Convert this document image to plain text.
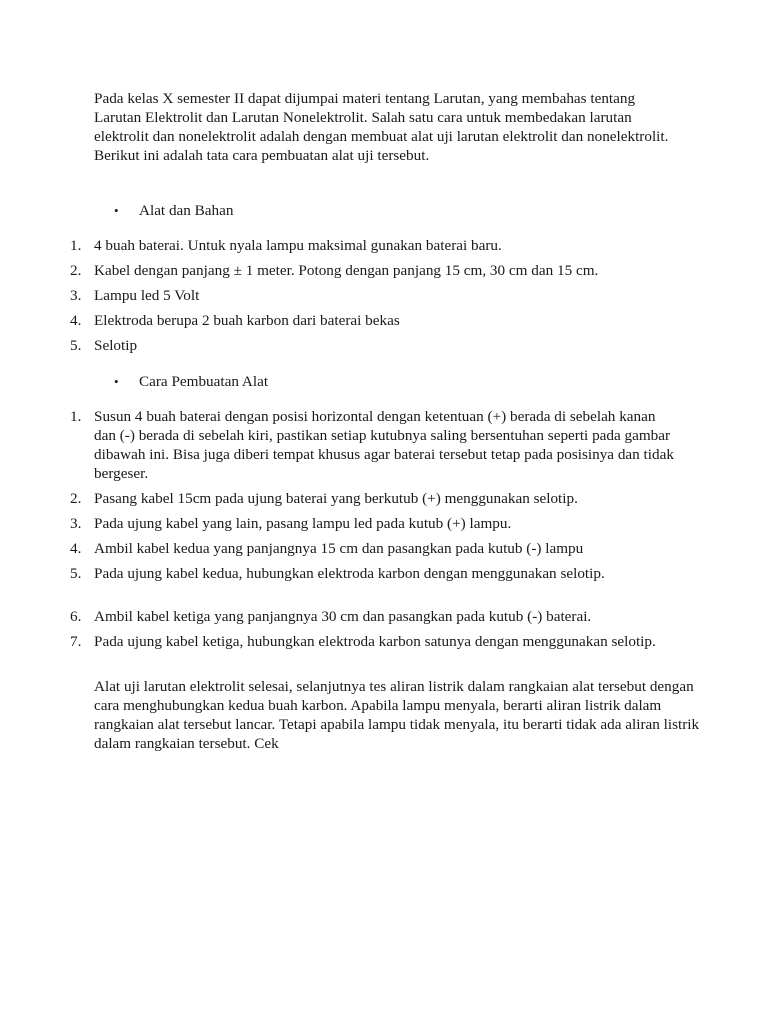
Pada kelas X semester II dapat dijumpai materi tentang Larutan, yang membahas tentang Larutan Elektrolit dan Larutan Nonelektrolit. Salah satu cara untuk membedakan larutan elektrolit dan nonelektrolit adalah dengan membuat alat uji larutan elektrolit dan nonelektrolit. Berikut ini adalah tata cara pembuatan alat uji tersebut.

•	Alat dan Bahan
1. 4 buah baterai. Untuk nyala lampu maksimal gunakan baterai baru.
2. Kabel dengan panjang ± 1 meter. Potong dengan panjang 15 cm, 30 cm dan 15 cm.
3. Lampu led 5 Volt
4. Elektroda berupa 2 buah karbon dari baterai bekas
5. Selotip
•	Cara Pembuatan Alat
1. Susun 4 buah baterai dengan posisi horizontal dengan ketentuan (+) berada di sebelah kanan dan (-) berada di sebelah kiri, pastikan setiap kutubnya saling bersentuhan seperti pada gambar dibawah ini. Bisa juga diberi tempat khusus agar baterai tersebut tetap pada posisinya dan tidak bergeser.
2. Pasang kabel 15cm pada ujung baterai yang berkutub (+) menggunakan selotip.
3. Pada ujung kabel yang lain, pasang lampu led pada kutub (+) lampu.
4. Ambil kabel kedua yang panjangnya 15 cm dan pasangkan pada kutub (-) lampu
5. Pada ujung kabel kedua, hubungkan elektroda karbon dengan menggunakan selotip.
6. Ambil kabel ketiga yang panjangnya 30 cm dan pasangkan pada kutub (-) baterai.
7. Pada ujung kabel ketiga, hubungkan elektroda karbon satunya dengan menggunakan selotip.

Alat uji larutan elektrolit selesai, selanjutnya tes aliran listrik dalam rangkaian alat tersebut dengan cara menghubungkan kedua buah karbon. Apabila lampu menyala, berarti aliran listrik dalam rangkaian alat tersebut lancar. Tetapi apabila lampu tidak menyala, itu berarti tidak ada aliran listrik dalam rangkaian tersebut. Cek
